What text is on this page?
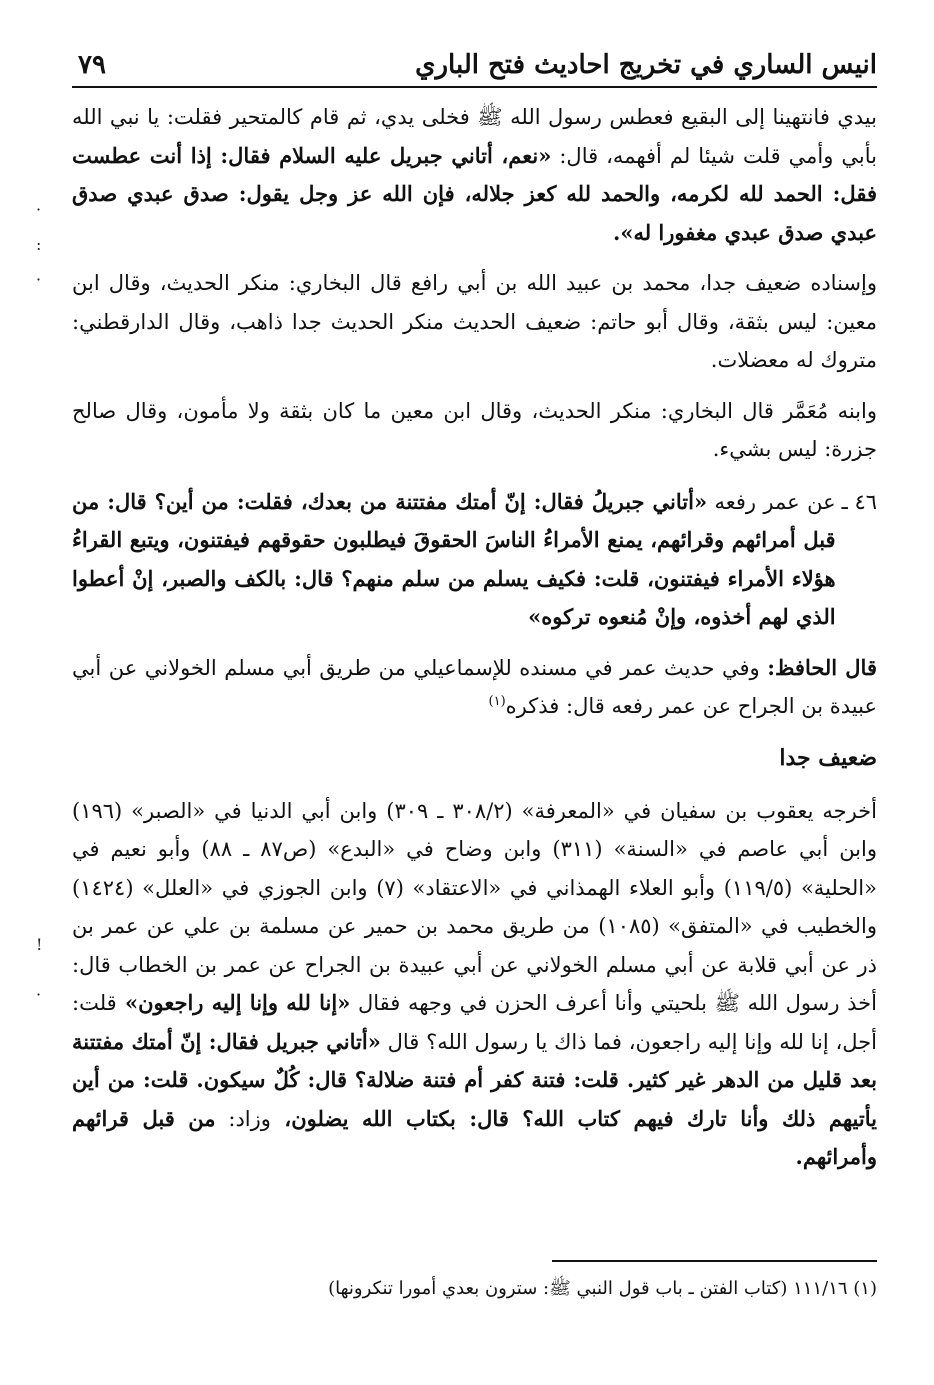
انيس الساري في تخريج احاديث فتح الباري
٧٩

بيدي فانتهينا إلى البقيع فعطس رسول الله ﷺ فخلى يدي، ثم قام كالمتحير فقلت: يا نبي الله بأبي وأمي قلت شيئا لم أفهمه، قال: «نعم، أتاني جبريل عليه السلام فقال: إذا أنت عطست فقل: الحمد لله لكرمه، والحمد لله كعز جلاله، فإن الله عز وجل يقول: صدق عبدي صدق عبدي صدق عبدي مغفورا له».

وإسناده ضعيف جدا، محمد بن عبيد الله بن أبي رافع قال البخاري: منكر الحديث، وقال ابن معين: ليس بثقة، وقال أبو حاتم: ضعيف الحديث منكر الحديث جدا ذاهب، وقال الدارقطني: متروك له معضلات.

وابنه مُعَمَّر قال البخاري: منكر الحديث، وقال ابن معين ما كان بثقة ولا مأمون، وقال صالح جزرة: ليس بشيء.

٤٦ ـ
عن عمر رفعه «أتاني جبريلُ فقال: إنّ أمتك مفتتنة من بعدك، فقلت: من أين؟ قال: من قبل أمرائهم وقرائهم، يمنع الأمراءُ الناسَ الحقوقَ فيطلبون حقوقهم فيفتنون، ويتبع القراءُ هؤلاء الأمراء فيفتنون، قلت: فكيف يسلم من سلم منهم؟ قال: بالكف والصبر، إنْ أعطوا الذي لهم أخذوه، وإنْ مُنعوه تركوه»

قال الحافظ: وفي حديث عمر في مسنده للإسماعيلي من طريق أبي مسلم الخولاني عن أبي عبيدة بن الجراح عن عمر رفعه قال: فذكره$^{(١)}$

ضعيف جدا

أخرجه يعقوب بن سفيان في «المعرفة» (٣٠٨/٢ ـ ٣٠٩) وابن أبي الدنيا في «الصبر» (١٩٦) وابن أبي عاصم في «السنة» (٣١١) وابن وضاح في «البدع» (ص٨٧ ـ ٨٨) وأبو نعيم في «الحلية» (١١٩/٥) وأبو العلاء الهمذاني في «الاعتقاد» (٧) وابن الجوزي في «العلل» (١٤٢٤) والخطيب في «المتفق» (١٠٨٥) من طريق محمد بن حمير عن مسلمة بن علي عن عمر بن ذر عن أبي قلابة عن أبي مسلم الخولاني عن أبي عبيدة بن الجراح عن عمر بن الخطاب قال: أخذ رسول الله ﷺ بلحيتي وأنا أعرف الحزن في وجهه فقال «إنا لله وإنا إليه راجعون» قلت: أجل، إنا لله وإنا إليه راجعون، فما ذاك يا رسول الله؟ قال «أتاني جبريل فقال: إنّ أمتك مفتتنة بعد قليل من الدهر غير كثير. قلت: فتنة كفر أم فتنة ضلالة؟ قال: كُلٌ سيكون. قلت: من أين يأتيهم ذلك وأنا تارك فيهم كتاب الله؟ قال: بكتاب الله يضلون، وزاد: من قبل قرائهم وأمرائهم.

(١) ١١١/١٦ (كتاب الفتن ـ باب قول النبي ﷺ: سترون بعدي أمورا تنكرونها)
·
:
·
!
·
